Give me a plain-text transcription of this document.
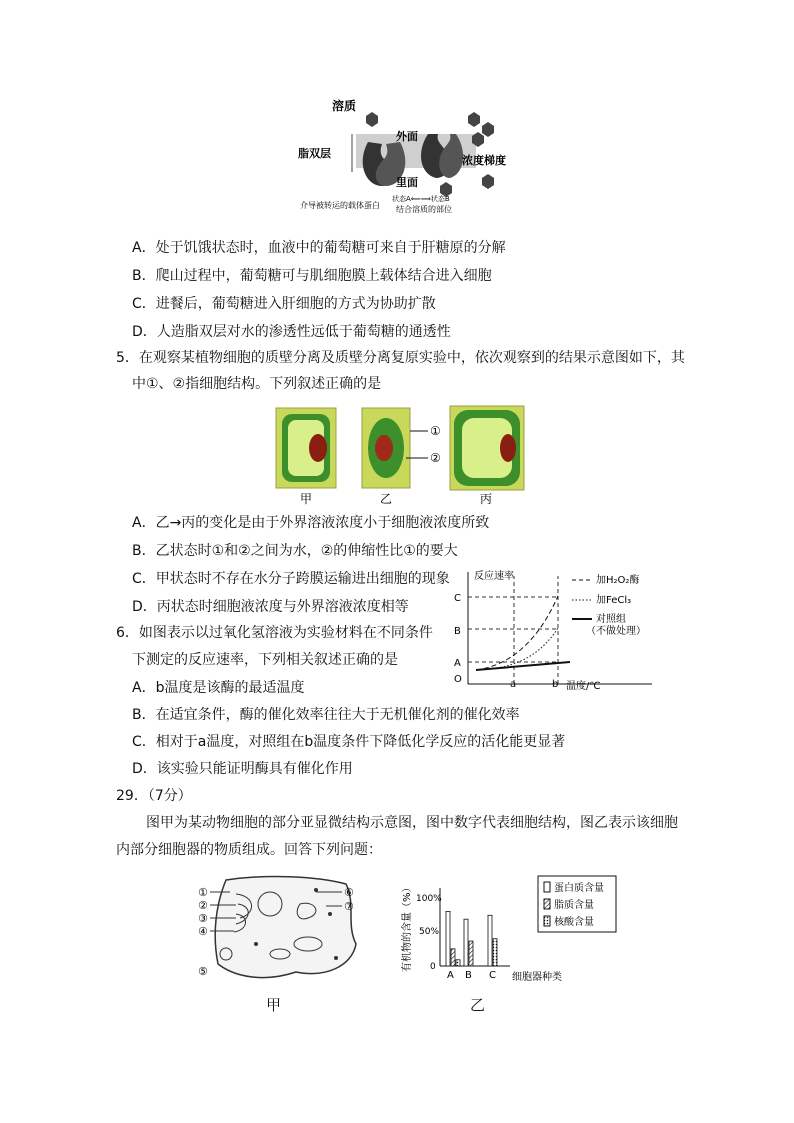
溶质
外面
脂双层
浓度梯度
里面
介导被转运的载体蛋白 结合溶质的部位
状态A⟸⟹状态B
A．处于饥饿状态时，血液中的葡萄糖可来自于肝糖原的分解
B．爬山过程中，葡萄糖可与肌细胞膜上载体结合进入细胞
C．进餐后，葡萄糖进入肝细胞的方式为协助扩散
D．人造脂双层对水的渗透性远低于葡萄糖的通透性
5．在观察某植物细胞的质壁分离及质壁分离复原实验中，依次观察到的结果示意图如下，其
中①、②指细胞结构。下列叙述正确的是
①
②
甲	乙	丙
A．乙→丙的变化是由于外界溶液浓度小于细胞液浓度所致
B．乙状态时①和②之间为水，②的伸缩性比①的要大
C．甲状态时不存在水分子跨膜运输进出细胞的现象
D．丙状态时细胞液浓度与外界溶液浓度相等
反应速率
温度/℃
O
C
B
A
a	b
加H₂O₂酶
加FeCl₃
对照组
（不做处理）
6．如图表示以过氧化氢溶液为实验材料在不同条件
下测定的反应速率，下列相关叙述正确的是
A．b温度是该酶的最适温度
B．在适宜条件，酶的催化效率往往大于无机催化剂的催化效率
C．相对于a温度，对照组在b温度条件下降低化学反应的活化能更显著
D．该实验只能证明酶具有催化作用
29．（7分）
图甲为某动物细胞的部分亚显微结构示意图，图中数字代表细胞结构，图乙表示该细胞
内部分细胞器的物质组成。回答下列问题：
①
②
③
④
⑤
⑥
⑦
甲
有机物的含量（%） 100%
50%
0
细胞器种类
A B C
蛋白质含量
脂质含量
核酸含量
乙
